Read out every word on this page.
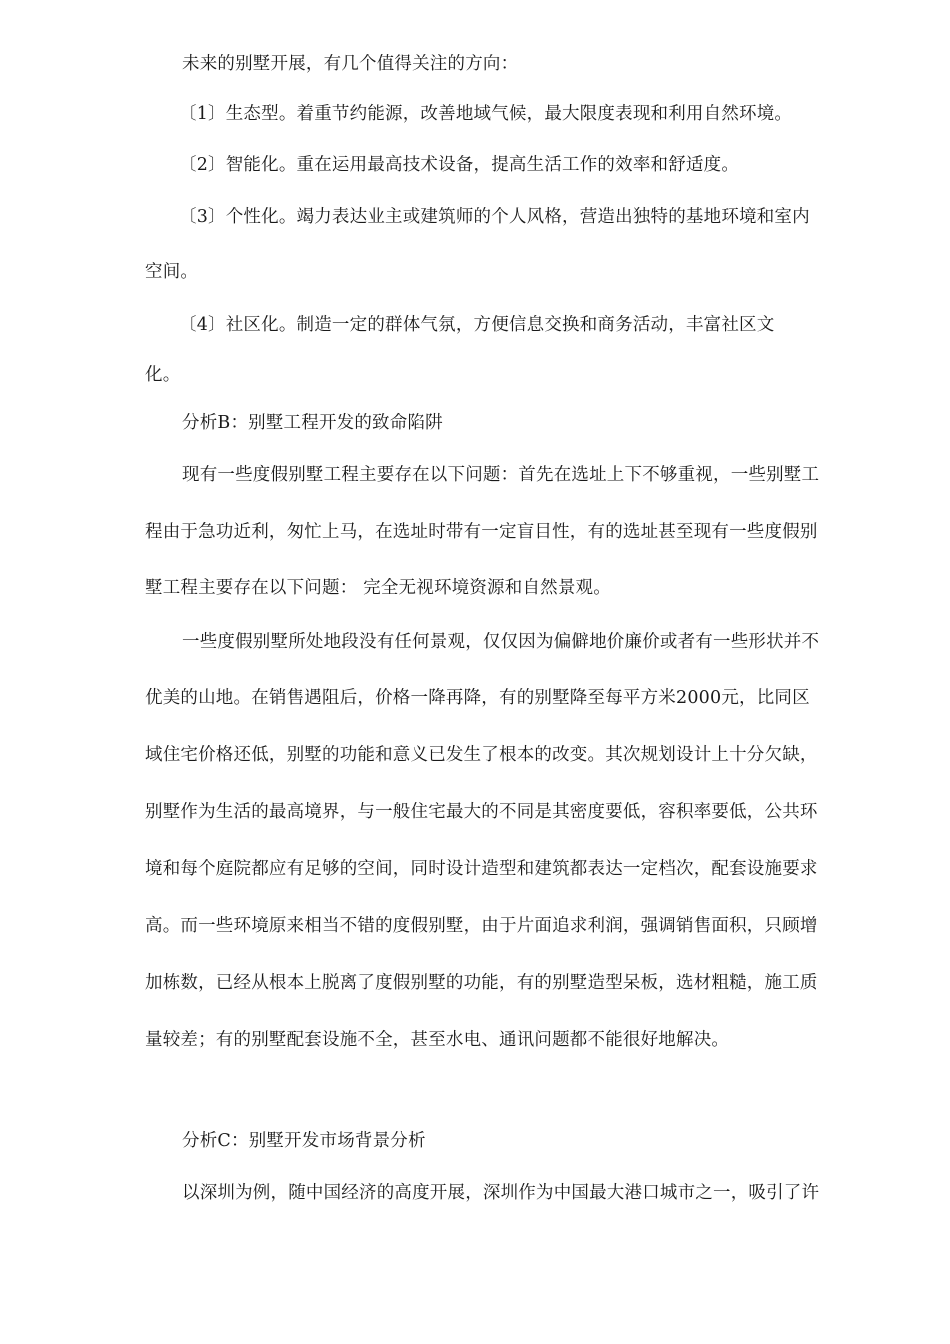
未来的别墅开展，有几个值得关注的方向：
〔1〕生态型。着重节约能源，改善地域气候，最大限度表现和利用自然环境。
〔2〕智能化。重在运用最高技术设备，提高生活工作的效率和舒适度。
〔3〕个性化。竭力表达业主或建筑师的个人风格，营造出独特的基地环境和室内
空间。
〔4〕社区化。制造一定的群体气氛，方便信息交换和商务活动，丰富社区文
化。
分析B：别墅工程开发的致命陷阱
现有一些度假别墅工程主要存在以下问题：首先在选址上下不够重视，一些别墅工
程由于急功近利，匆忙上马，在选址时带有一定盲目性，有的选址甚至现有一些度假别
墅工程主要存在以下问题： 完全无视环境资源和自然景观。
一些度假别墅所处地段没有任何景观，仅仅因为偏僻地价廉价或者有一些形状并不
优美的山地。在销售遇阻后，价格一降再降，有的别墅降至每平方米2000元，比同区
域住宅价格还低，别墅的功能和意义已发生了根本的改变。其次规划设计上十分欠缺，
别墅作为生活的最高境界，与一般住宅最大的不同是其密度要低，容积率要低，公共环
境和每个庭院都应有足够的空间，同时设计造型和建筑都表达一定档次，配套设施要求
高。而一些环境原来相当不错的度假别墅，由于片面追求利润，强调销售面积，只顾增
加栋数，已经从根本上脱离了度假别墅的功能，有的别墅造型呆板，选材粗糙，施工质
量较差；有的别墅配套设施不全，甚至水电、通讯问题都不能很好地解决。
分析C：别墅开发市场背景分析
以深圳为例，随中国经济的高度开展，深圳作为中国最大港口城市之一，吸引了许
